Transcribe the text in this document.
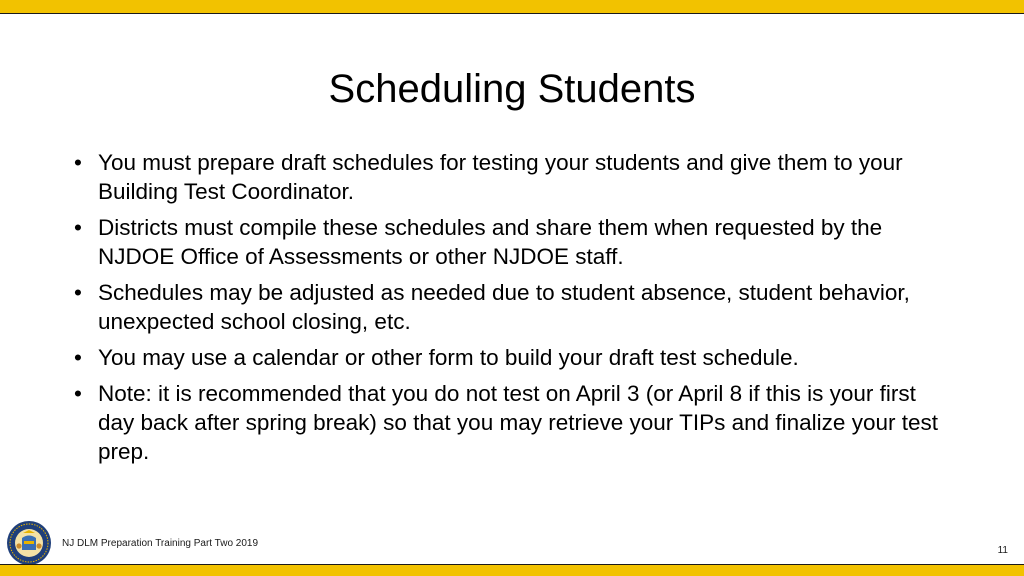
Scheduling Students
• You must prepare draft schedules for testing your students and give them to your Building Test Coordinator.
• Districts must compile these schedules and share them when requested by the NJDOE Office of Assessments or other NJDOE staff.
• Schedules may be adjusted as needed due to student absence, student behavior, unexpected school closing, etc.
• You may use a calendar or other form to build your draft test schedule.
• Note: it is recommended that you do not test on April 3 (or April 8 if this is your first day back after spring break) so that you may retrieve your TIPs and finalize your test prep.
NJ DLM Preparation Training Part Two 2019
11
